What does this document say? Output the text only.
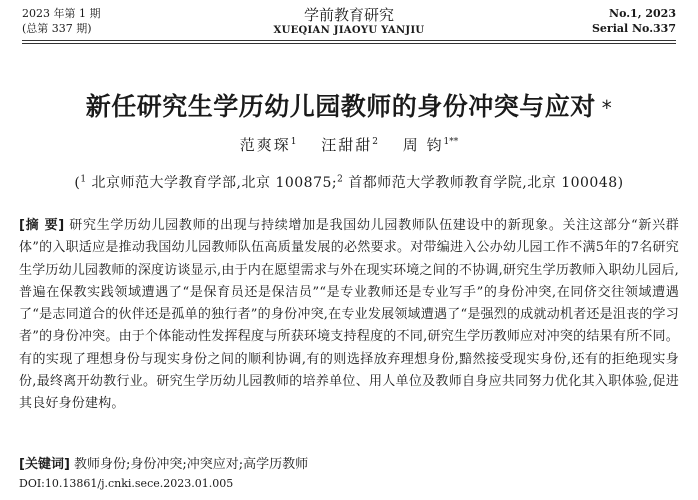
2023 年第 1 期
(总第 337 期)
学前教育研究
XUEQIAN JIAOYU YANJIU
No.1, 2023
Serial No.337
新任研究生学历幼儿园教师的身份冲突与应对 *
范爽琛$^1$ 汪甜甜$^2$ 周 钧$^{1**}$
($^1$ 北京师范大学教育学部,北京 100875;$^2$ 首都师范大学教师教育学院,北京 100048)
[摘 要] 研究生学历幼儿园教师的出现与持续增加是我国幼儿园教师队伍建设中的新现象。关注这部分“新兴群体”的入职适应是推动我国幼儿园教师队伍高质量发展的必然要求。对带编进入公办幼儿园工作不满5年的7名研究生学历幼儿园教师的深度访谈显示,由于内在愿望需求与外在现实环境之间的不协调,研究生学历教师入职幼儿园后,普遍在保教实践领域遭遇了“是保育员还是保洁员”“是专业教师还是专业写手”的身份冲突,在同侪交往领域遭遇了“是志同道合的伙伴还是孤单的独行者”的身份冲突,在专业发展领域遭遇了“是强烈的成就动机者还是沮丧的学习者”的身份冲突。由于个体能动性发挥程度与所获环境支持程度的不同,研究生学历教师应对冲突的结果有所不同。有的实现了理想身份与现实身份之间的顺利协调,有的则选择放弃理想身份,黯然接受现实身份,还有的拒绝现实身份,最终离开幼教行业。研究生学历幼儿园教师的培养单位、用人单位及教师自身应共同努力优化其入职体验,促进其良好身份建构。
[关键词] 教师身份;身份冲突;冲突应对;高学历教师
DOI:10.13861/j.cnki.sece.2023.01.005
